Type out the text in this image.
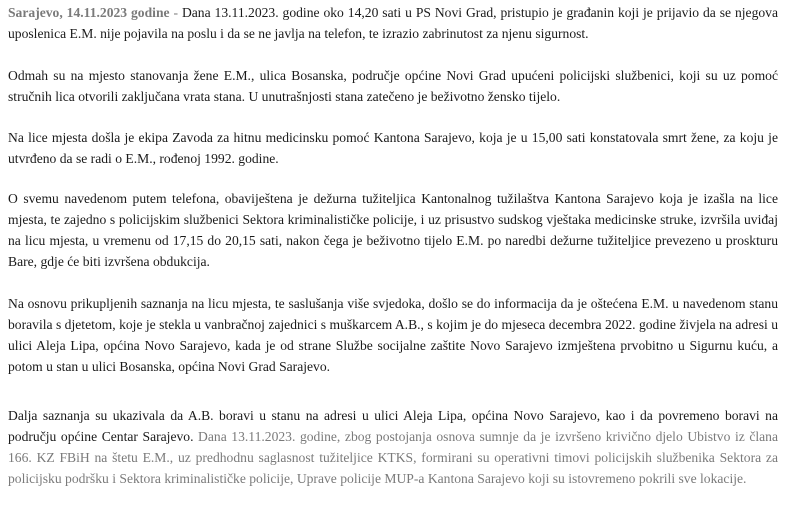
Sarajevo, 14.11.2023 godine - Dana 13.11.2023. godine oko 14,20 sati u PS Novi Grad, pristupio je građanin koji je prijavio da se njegova uposlenica E.M. nije pojavila na poslu i da se ne javlja na telefon, te izrazio zabrinutost za njenu sigurnost.

Odmah su na mjesto stanovanja žene E.M., ulica Bosanska, područje općine Novi Grad upućeni policijski službenici, koji su uz pomoć stručnih lica otvorili zaključana vrata stana. U unutrašnjosti stana zatečeno je beživotno žensko tijelo.

Na lice mjesta došla je ekipa Zavoda za hitnu medicinsku pomoć Kantona Sarajevo, koja je u 15,00 sati konstatovala smrt žene, za koju je utvrđeno da se radi o E.M., rođenoj 1992. godine.

O svemu navedenom putem telefona, obaviještena je dežurna tužiteljica Kantonalnog tužilaštva Kantona Sarajevo koja je izašla na lice mjesta, te zajedno s policijskim službenici Sektora kriminalističke policije, i uz prisustvo sudskog vještaka medicinske struke, izvršila uviđaj na licu mjesta, u vremenu od 17,15 do 20,15 sati, nakon čega je beživotno tijelo E.M. po naredbi dežurne tužiteljice prevezeno u proskturu Bare, gdje će biti izvršena obdukcija.

Na osnovu prikupljenih saznanja na licu mjesta, te saslušanja više svjedoka, došlo se do informacija da je oštećena E.M. u navedenom stanu boravila s djetetom, koje je stekla u vanbračnoj zajednici s muškarcem A.B., s kojim je do mjeseca decembra 2022. godine živjela na adresi u ulici Aleja Lipa, općina Novo Sarajevo, kada je od strane Službe socijalne zaštite Novo Sarajevo izmještena prvobitno u Sigurnu kuću, a potom u stan u ulici Bosanska, općina Novi Grad Sarajevo.

Dalja saznanja su ukazivala da A.B. boravi u stanu na adresi u ulici Aleja Lipa, općina Novo Sarajevo, kao i da povremeno boravi na području općine Centar Sarajevo. Dana 13.11.2023. godine, zbog postojanja osnova sumnje da je izvršeno krivično djelo Ubistvo iz člana 166. KZ FBiH na štetu E.M., uz predhodnu saglasnost tužiteljice KTKS, formirani su operativni timovi policijskih službenika Sektora za policijsku podršku i Sektora kriminalističke policije, Uprave policije MUP-a Kantona Sarajevo koji su istovremeno pokrili sve lokacije.
